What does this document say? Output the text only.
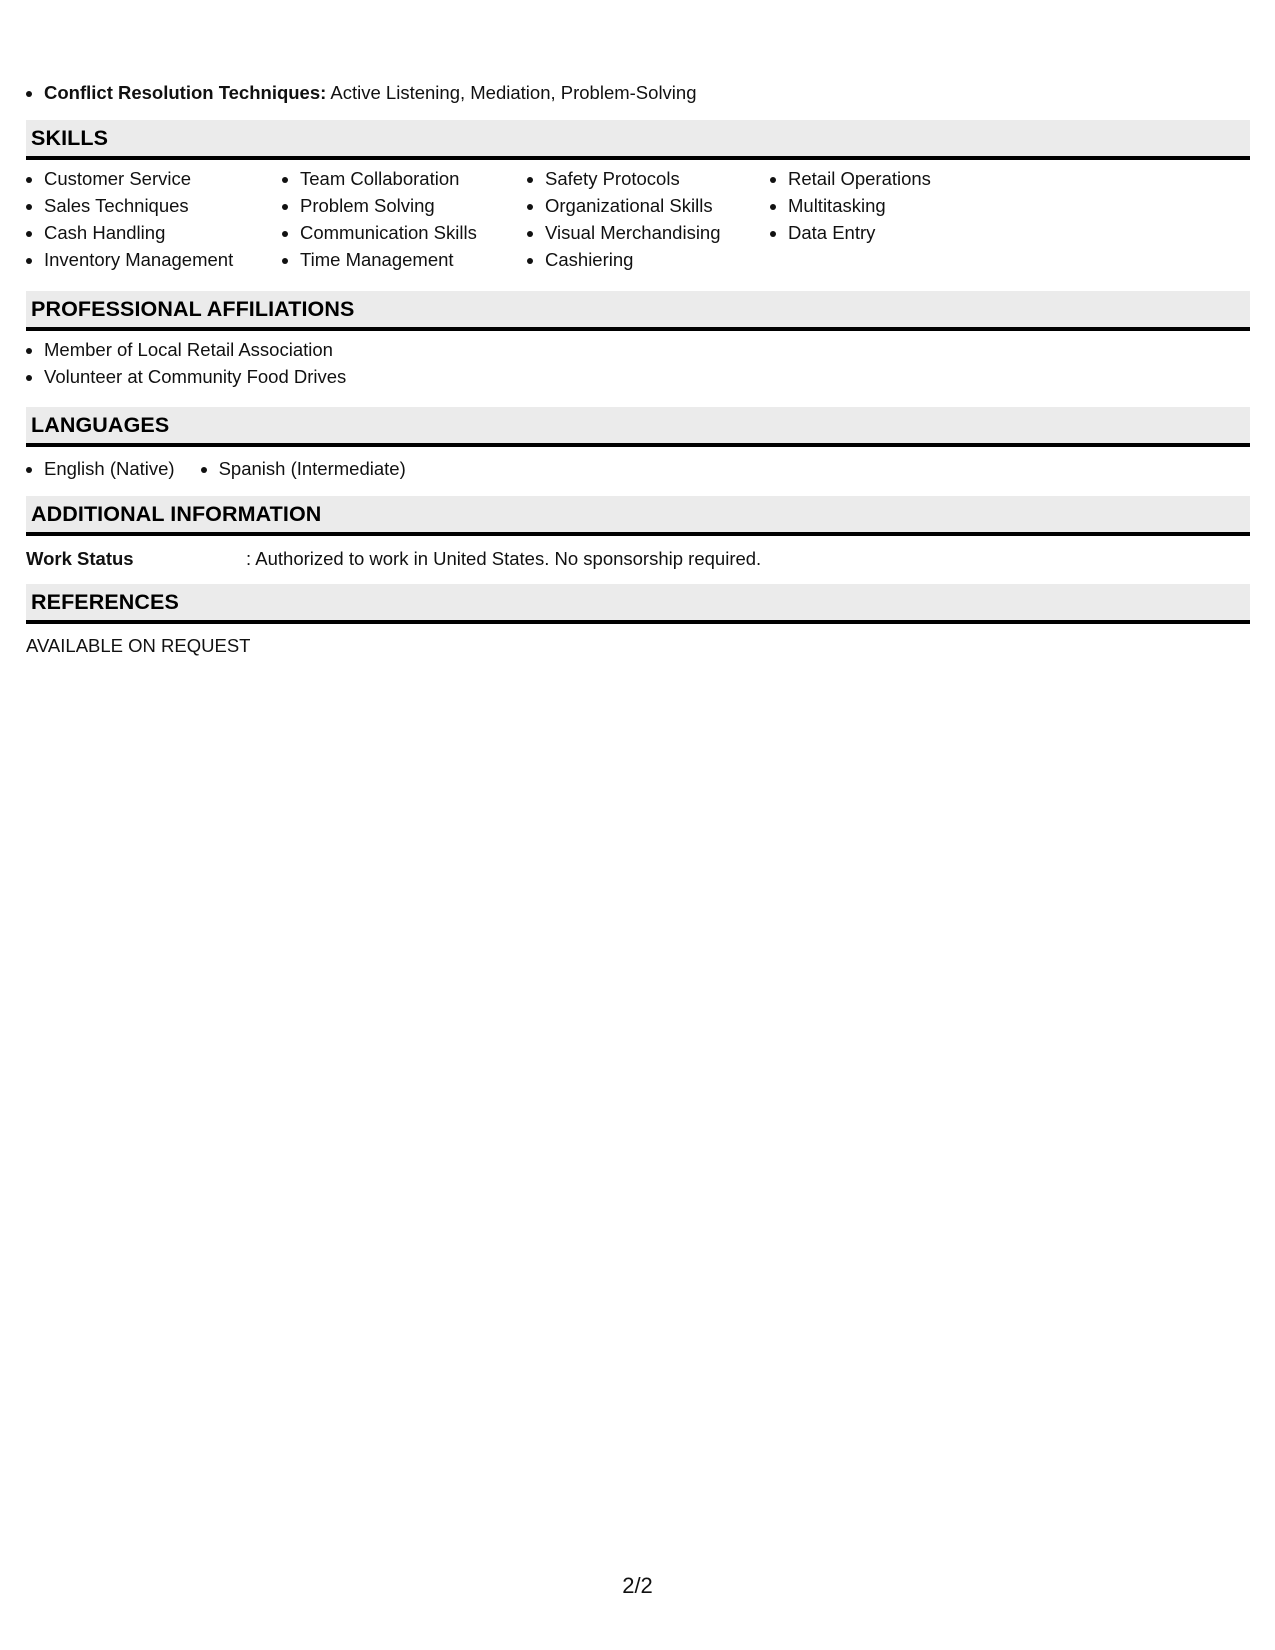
• Conflict Resolution Techniques: Active Listening, Mediation, Problem-Solving
SKILLS
• Customer Service
• Sales Techniques
• Cash Handling
• Inventory Management
• Team Collaboration
• Problem Solving
• Communication Skills
• Time Management
• Safety Protocols
• Organizational Skills
• Visual Merchandising
• Cashiering
• Retail Operations
• Multitasking
• Data Entry
PROFESSIONAL AFFILIATIONS
• Member of Local Retail Association
• Volunteer at Community Food Drives
LANGUAGES
• English (Native)
• Spanish (Intermediate)
ADDITIONAL INFORMATION
Work Status	: Authorized to work in United States. No sponsorship required.
REFERENCES
AVAILABLE ON REQUEST
2/2
